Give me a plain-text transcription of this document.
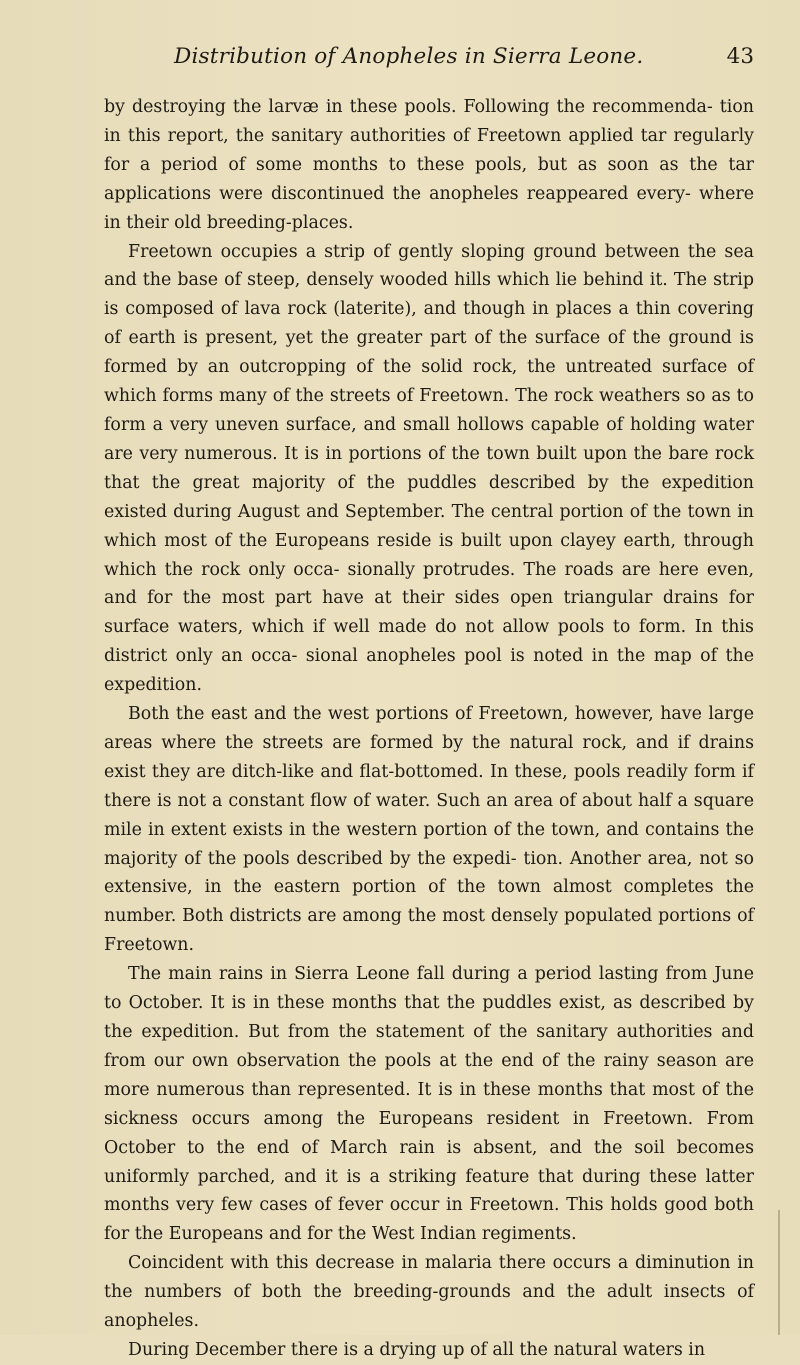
Distribution of Anopheles in Sierra Leone.	43

by destroying the larvæ in these pools. Following the recommenda- tion in this report, the sanitary authorities of Freetown applied tar regularly for a period of some months to these pools, but as soon as the tar applications were discontinued the anopheles reappeared every- where in their old breeding-places.

Freetown occupies a strip of gently sloping ground between the sea and the base of steep, densely wooded hills which lie behind it. The strip is composed of lava rock (laterite), and though in places a thin covering of earth is present, yet the greater part of the surface of the ground is formed by an outcropping of the solid rock, the untreated surface of which forms many of the streets of Freetown. The rock weathers so as to form a very uneven surface, and small hollows capable of holding water are very numerous. It is in portions of the town built upon the bare rock that the great majority of the puddles described by the expedition existed during August and September. The central portion of the town in which most of the Europeans reside is built upon clayey earth, through which the rock only occa- sionally protrudes. The roads are here even, and for the most part have at their sides open triangular drains for surface waters, which if well made do not allow pools to form. In this district only an occa- sional anopheles pool is noted in the map of the expedition.

Both the east and the west portions of Freetown, however, have large areas where the streets are formed by the natural rock, and if drains exist they are ditch-like and flat-bottomed. In these, pools readily form if there is not a constant flow of water. Such an area of about half a square mile in extent exists in the western portion of the town, and contains the majority of the pools described by the expedi- tion. Another area, not so extensive, in the eastern portion of the town almost completes the number. Both districts are among the most densely populated portions of Freetown.

The main rains in Sierra Leone fall during a period lasting from June to October. It is in these months that the puddles exist, as described by the expedition. But from the statement of the sanitary authorities and from our own observation the pools at the end of the rainy season are more numerous than represented. It is in these months that most of the sickness occurs among the Europeans resident in Freetown. From October to the end of March rain is absent, and the soil becomes uniformly parched, and it is a striking feature that during these latter months very few cases of fever occur in Freetown. This holds good both for the Europeans and for the West Indian regiments.

Coincident with this decrease in malaria there occurs a diminution in the numbers of both the breeding-grounds and the adult insects of anopheles.

During December there is a drying up of all the natural waters in
